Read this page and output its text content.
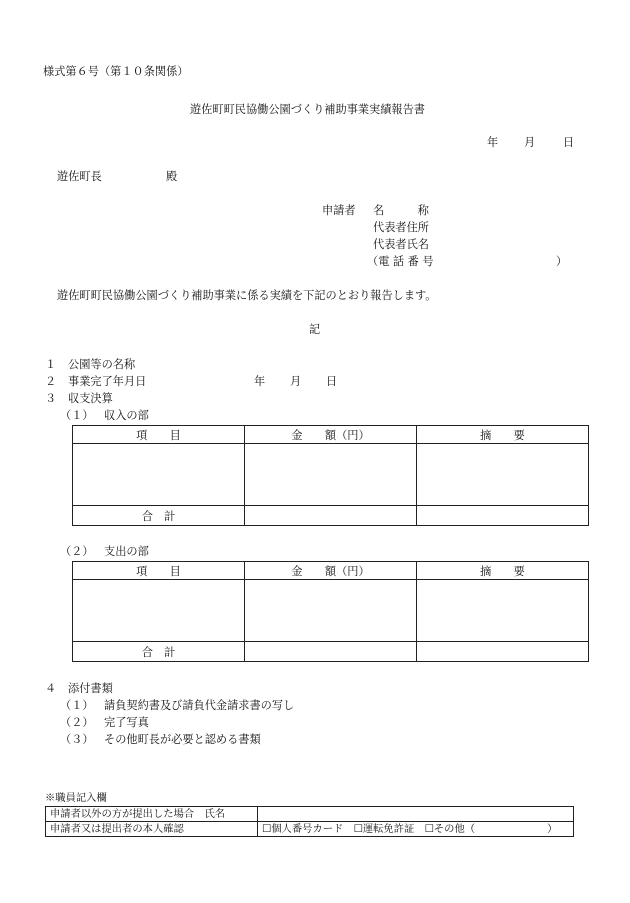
様式第６号（第１０条関係）
遊佐町町民協働公園づくり補助事業実績報告書
年 月 日
遊佐町長	殿
申請者 名　　　称
代表者住所
代表者氏名
（電 話 番 号	）
遊佐町町民協働公園づくり補助事業に係る実績を下記のとおり報告します。
記
１ 公園等の名称
２ 事業完了年月日	年 月 日
３ 収支決算
（１） 収入の部
項　　目	金　　額（円）	摘　　要

合　計		
（２） 支出の部
項　　目	金　　額（円）	摘　　要

合　計		
４ 添付書類
（１） 請負契約書及び請負代金請求書の写し
（２） 完了写真
（３） その他町長が必要と認める書類
※職員記入欄
申請者以外の方が提出した場合　氏名	
申請者又は提出者の本人確認	☐個人番号カード　☐運転免許証　☐その他（　　　　　　　）
